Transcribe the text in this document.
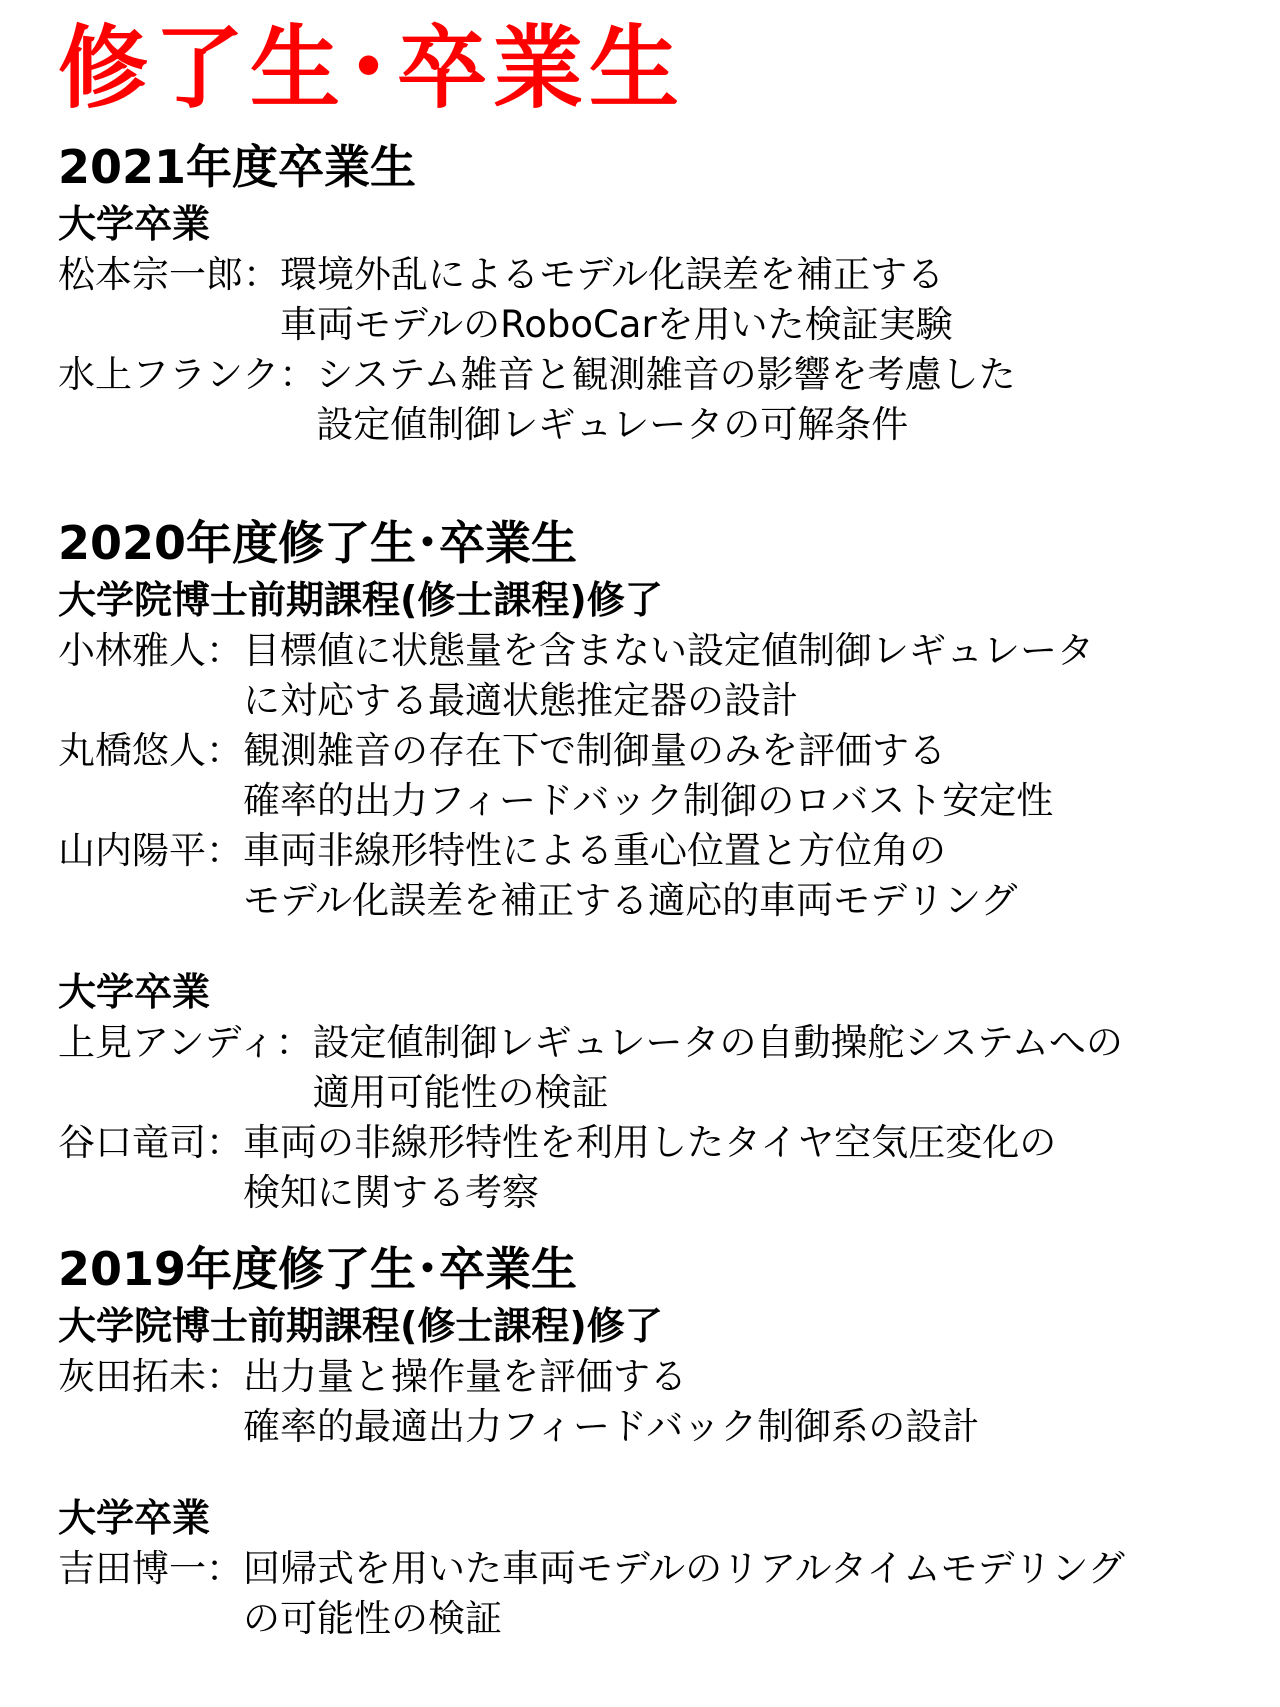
修了生･卒業生
2021年度卒業生
大学卒業
松本宗一郎： 環境外乱によるモデル化誤差を補正する
車両モデルのRoboCarを用いた検証実験
水上フランク： システム雑音と観測雑音の影響を考慮した
設定値制御レギュレータの可解条件
2020年度修了生･卒業生
大学院博士前期課程(修士課程)修了
小林雅人： 目標値に状態量を含まない設定値制御レギュレータ
に対応する最適状態推定器の設計
丸橋悠人： 観測雑音の存在下で制御量のみを評価する
確率的出力フィードバック制御のロバスト安定性
山内陽平： 車両非線形特性による重心位置と方位角の
モデル化誤差を補正する適応的車両モデリング
大学卒業
上見アンディ： 設定値制御レギュレータの自動操舵システムへの
適用可能性の検証
谷口竜司： 車両の非線形特性を利用したタイヤ空気圧変化の
検知に関する考察
2019年度修了生･卒業生
大学院博士前期課程(修士課程)修了
灰田拓未： 出力量と操作量を評価する
確率的最適出力フィードバック制御系の設計
大学卒業
吉田博一： 回帰式を用いた車両モデルのリアルタイムモデリング
の可能性の検証
